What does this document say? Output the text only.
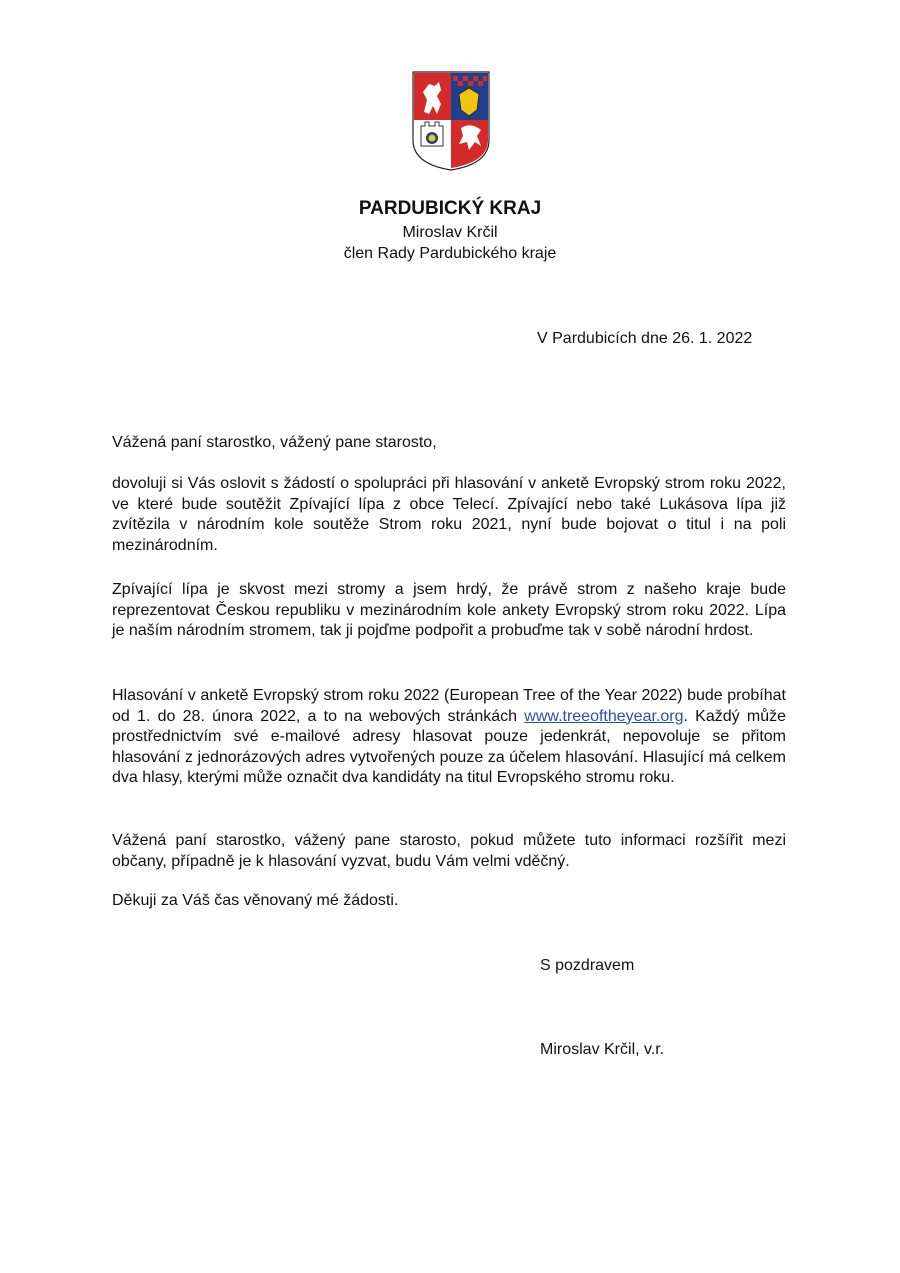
PARDUBICKÝ KRAJ
Miroslav Krčil
člen Rady Pardubického kraje
V Pardubicích dne 26. 1. 2022
Vážená paní starostko, vážený pane starosto,

dovoluji si Vás oslovit s žádostí o spolupráci při hlasování v anketě Evropský strom roku 2022, ve které bude soutěžit Zpívající lípa z obce Telecí. Zpívající nebo také Lukásova lípa již zvítězila v národním kole soutěže Strom roku 2021, nyní bude bojovat o titul i na poli mezinárodním.

Zpívající lípa je skvost mezi stromy a jsem hrdý, že právě strom z našeho kraje bude reprezentovat Českou republiku v mezinárodním kole ankety Evropský strom roku 2022. Lípa je naším národním stromem, tak ji pojďme podpořit a probuďme tak v sobě národní hrdost.

Hlasování v anketě Evropský strom roku 2022 (European Tree of the Year 2022) bude probíhat od 1. do 28. února 2022, a to na webových stránkách www.treeoftheyear.org. Každý může prostřednictvím své e-mailové adresy hlasovat pouze jedenkrát, nepovoluje se přitom hlasování z jednorázových adres vytvořených pouze za účelem hlasování. Hlasující má celkem dva hlasy, kterými může označit dva kandidáty na titul Evropského stromu roku.

Vážená paní starostko, vážený pane starosto, pokud můžete tuto informaci rozšířit mezi občany, případně je k hlasování vyzvat, budu Vám velmi vděčný.

Děkuji za Váš čas věnovaný mé žádosti.
S pozdravem
Miroslav Krčil, v.r.
